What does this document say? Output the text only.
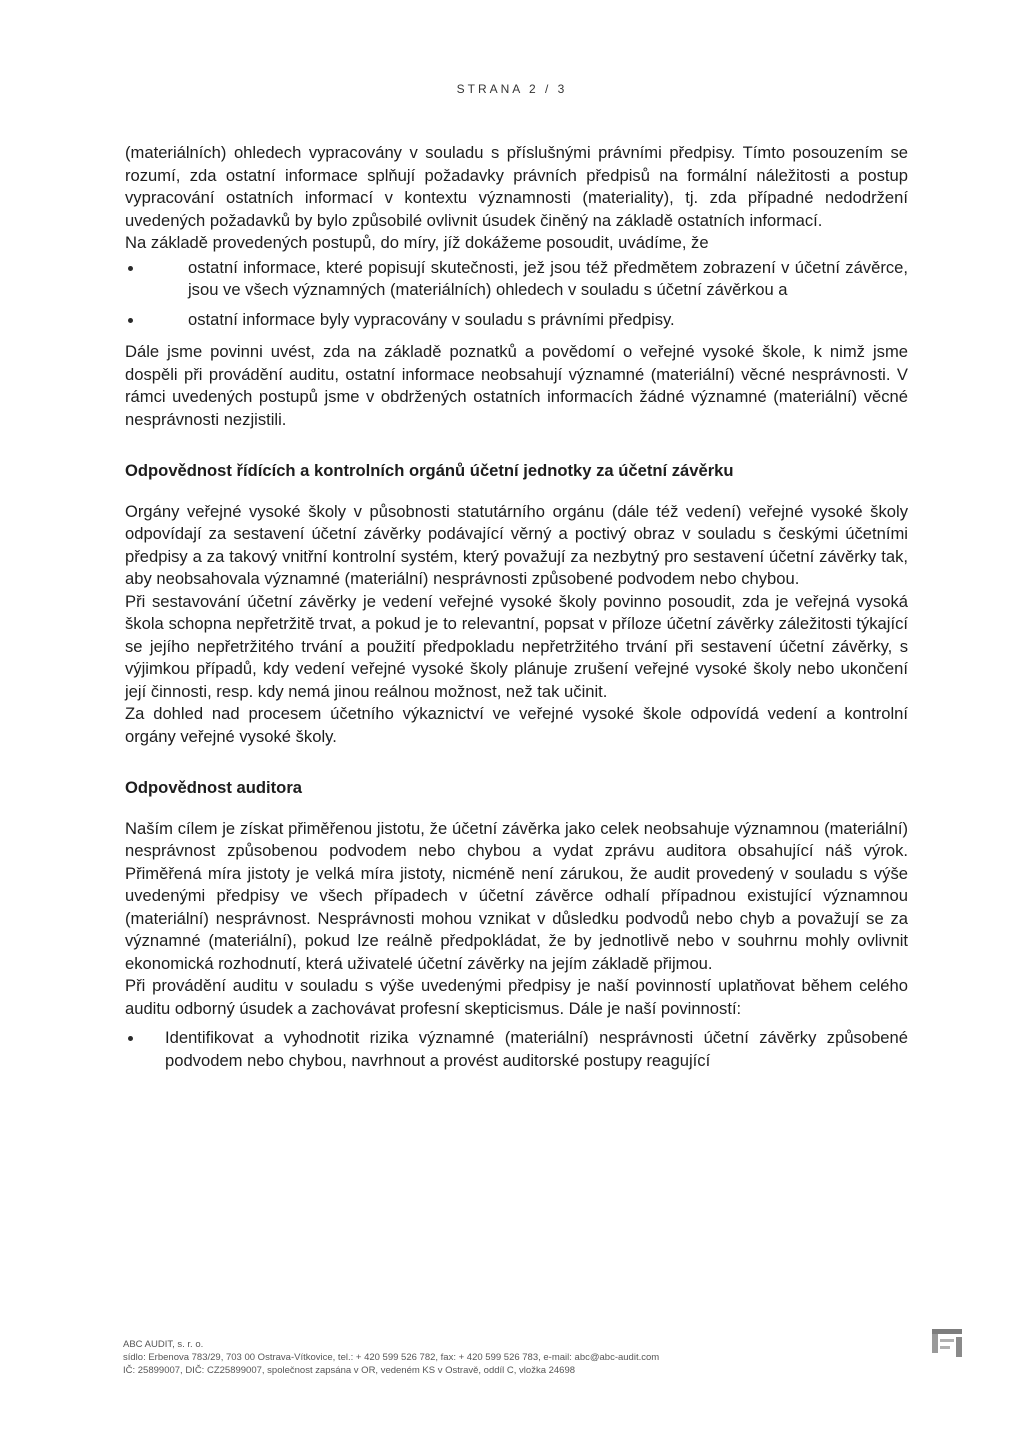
STRANA 2 / 3

(materiálních) ohledech vypracovány v souladu s příslušnými právními předpisy. Tímto posouzením se rozumí, zda ostatní informace splňují požadavky právních předpisů na formální náležitosti a postup vypracování ostatních informací v kontextu významnosti (materiality), tj. zda případné nedodržení uvedených požadavků by bylo způsobilé ovlivnit úsudek činěný na základě ostatních informací.

Na základě provedených postupů, do míry, jíž dokážeme posoudit, uvádíme, že

ostatní informace, které popisují skutečnosti, jež jsou též předmětem zobrazení v účetní závěrce, jsou ve všech významných (materiálních) ohledech v souladu s účetní závěrkou a
ostatní informace byly vypracovány v souladu s právními předpisy.

Dále jsme povinni uvést, zda na základě poznatků a povědomí o veřejné vysoké škole, k nimž jsme dospěli při provádění auditu, ostatní informace neobsahují významné (materiální) věcné nesprávnosti. V rámci uvedených postupů jsme v obdržených ostatních informacích žádné významné (materiální) věcné nesprávnosti nezjistili.

Odpovědnost řídících a kontrolních orgánů účetní jednotky za účetní závěrku

Orgány veřejné vysoké školy v působnosti statutárního orgánu (dále též vedení) veřejné vysoké školy odpovídají za sestavení účetní závěrky podávající věrný a poctivý obraz v souladu s českými účetními předpisy a za takový vnitřní kontrolní systém, který považují za nezbytný pro sestavení účetní závěrky tak, aby neobsahovala významné (materiální) nesprávnosti způsobené podvodem nebo chybou.

Při sestavování účetní závěrky je vedení veřejné vysoké školy povinno posoudit, zda je veřejná vysoká škola schopna nepřetržitě trvat, a pokud je to relevantní, popsat v příloze účetní závěrky záležitosti týkající se jejího nepřetržitého trvání a použití předpokladu nepřetržitého trvání při sestavení účetní závěrky, s výjimkou případů, kdy vedení veřejné vysoké školy plánuje zrušení veřejné vysoké školy nebo ukončení její činnosti, resp. kdy nemá jinou reálnou možnost, než tak učinit.

Za dohled nad procesem účetního výkaznictví ve veřejné vysoké škole odpovídá vedení a kontrolní orgány veřejné vysoké školy.

Odpovědnost auditora

Naším cílem je získat přiměřenou jistotu, že účetní závěrka jako celek neobsahuje významnou (materiální) nesprávnost způsobenou podvodem nebo chybou a vydat zprávu auditora obsahující náš výrok. Přiměřená míra jistoty je velká míra jistoty, nicméně není zárukou, že audit provedený v souladu s výše uvedenými předpisy ve všech případech v účetní závěrce odhalí případnou existující významnou (materiální) nesprávnost. Nesprávnosti mohou vznikat v důsledku podvodů nebo chyb a považují se za významné (materiální), pokud lze reálně předpokládat, že by jednotlivě nebo v souhrnu mohly ovlivnit ekonomická rozhodnutí, která uživatelé účetní závěrky na jejím základě přijmou.

Při provádění auditu v souladu s výše uvedenými předpisy je naší povinností uplatňovat během celého auditu odborný úsudek a zachovávat profesní skepticismus. Dále je naší povinností:

Identifikovat a vyhodnotit rizika významné (materiální) nesprávnosti účetní závěrky způsobené podvodem nebo chybou, navrhnout a provést auditorské postupy reagující
ABC AUDIT, s. r. o.
sídlo: Erbenova 783/29, 703 00 Ostrava-Vítkovice, tel.: + 420 599 526 782, fax: + 420 599 526 783, e-mail: abc@abc-audit.com
IČ: 25899007, DIČ: CZ25899007, společnost zapsána v OR, vedeném KS v Ostravě, oddíl C, vložka 24698
